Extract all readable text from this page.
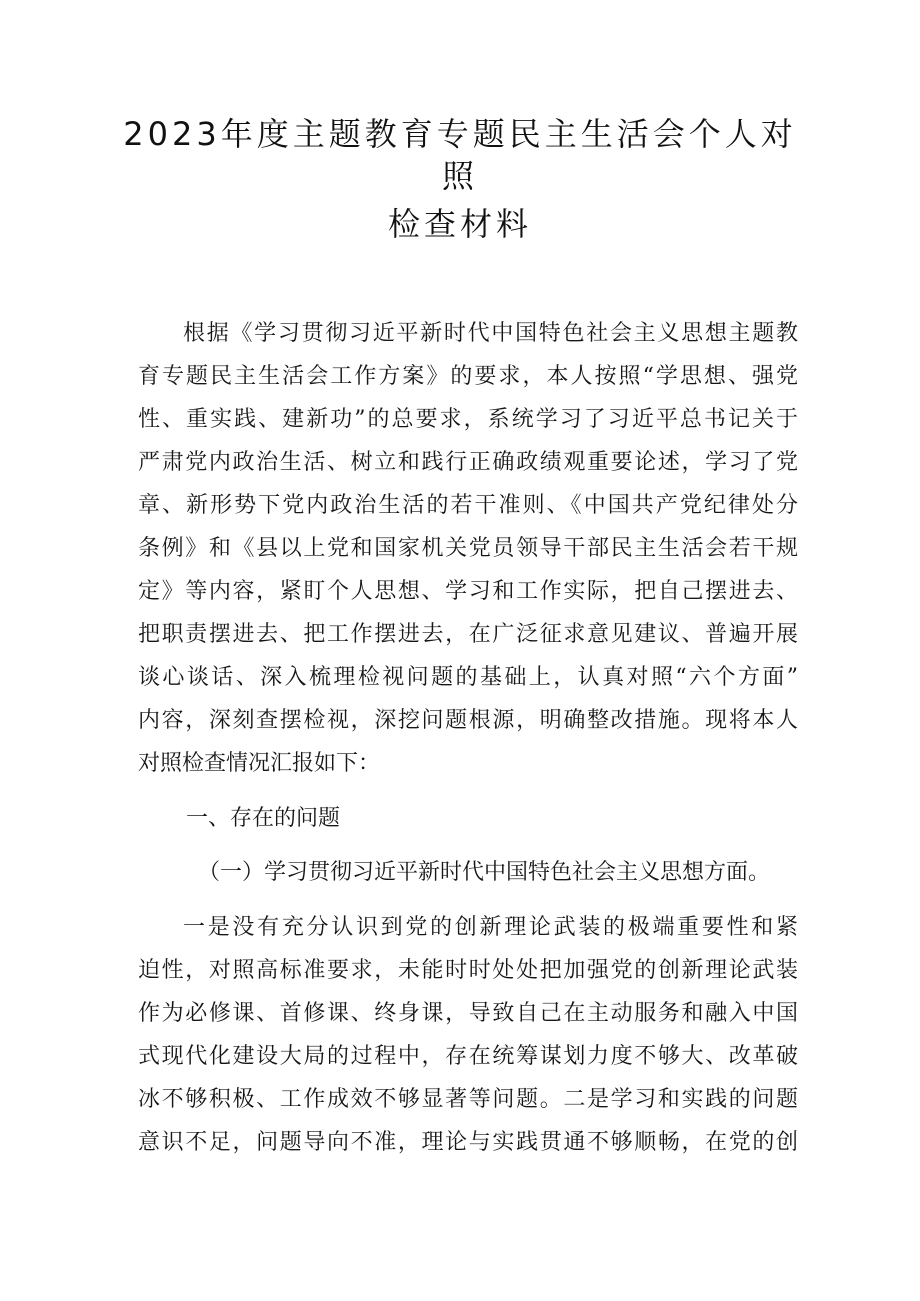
2023年度主题教育专题民主生活会个人对
照
检查材料
根据《学习贯彻习近平新时代中国特色社会主义思想主题教
育专题民主生活会工作方案》的要求，本人按照“学思想、强党
性、重实践、建新功”的总要求，系统学习了习近平总书记关于
严肃党内政治生活、树立和践行正确政绩观重要论述，学习了党
章、新形势下党内政治生活的若干准则、《中国共产党纪律处分
条例》和《县以上党和国家机关党员领导干部民主生活会若干规
定》等内容，紧盯个人思想、学习和工作实际，把自己摆进去、
把职责摆进去、把工作摆进去，在广泛征求意见建议、普遍开展
谈心谈话、深入梳理检视问题的基础上，认真对照“六个方面”
内容，深刻查摆检视，深挖问题根源，明确整改措施。现将本人
对照检查情况汇报如下：
一、存在的问题
（一）学习贯彻习近平新时代中国特色社会主义思想方面。
一是没有充分认识到党的创新理论武装的极端重要性和紧
迫性，对照高标准要求，未能时时处处把加强党的创新理论武装
作为必修课、首修课、终身课，导致自己在主动服务和融入中国
式现代化建设大局的过程中，存在统筹谋划力度不够大、改革破
冰不够积极、工作成效不够显著等问题。二是学习和实践的问题
意识不足，问题导向不准，理论与实践贯通不够顺畅，在党的创
